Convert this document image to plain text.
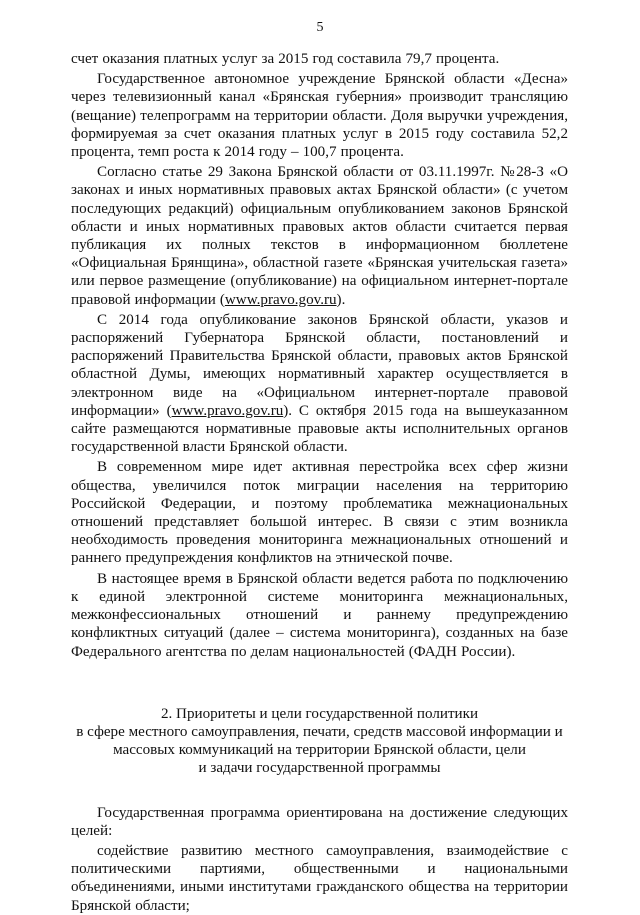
5

счет оказания платных услуг за 2015 год составила 79,7 процента.

Государственное автономное учреждение Брянской области «Десна» через телевизионный канал «Брянская губерния» производит трансляцию (вещание) телепрограмм на территории области. Доля выручки учреждения, формируемая за счет оказания платных услуг в 2015 году составила 52,2 процента, темп роста к 2014 году – 100,7 процента.

Согласно статье 29 Закона Брянской области от 03.11.1997г. №28-З «О законах и иных нормативных правовых актах Брянской области» (с учетом последующих редакций) официальным опубликованием законов Брянской области и иных нормативных правовых актов области считается первая публикация их полных текстов в информационном бюллетене «Официальная Брянщина», областной газете «Брянская учительская газета» или первое размещение (опубликование) на официальном интернет-портале правовой информации (www.pravo.gov.ru).

С 2014 года опубликование законов Брянской области, указов и распоряжений Губернатора Брянской области, постановлений и распоряжений Правительства Брянской области, правовых актов Брянской областной Думы, имеющих нормативный характер осуществляется в электронном виде на «Официальном интернет-портале правовой информации» (www.pravo.gov.ru). С октября 2015 года на вышеуказанном сайте размещаются нормативные правовые акты исполнительных органов государственной власти Брянской области.

В современном мире идет активная перестройка всех сфер жизни общества, увеличился поток миграции населения на территорию Российской Федерации, и поэтому проблематика межнациональных отношений представляет большой интерес. В связи с этим возникла необходимость проведения мониторинга межнациональных отношений и раннего предупреждения конфликтов на этнической почве.

В настоящее время в Брянской области ведется работа по подключению к единой электронной системе мониторинга межнациональных, межконфессиональных отношений и раннему предупреждению конфликтных ситуаций (далее – система мониторинга), созданных на базе Федерального агентства по делам национальностей (ФАДН России).

2. Приоритеты и цели государственной политики
в сфере местного самоуправления, печати, средств массовой информации и
массовых коммуникаций на территории Брянской области, цели
и задачи государственной программы

Государственная программа ориентирована на достижение следующих целей:

содействие развитию местного самоуправления, взаимодействие с политическими партиями, общественными и национальными объединениями, иными институтами гражданского общества на территории Брянской области;
